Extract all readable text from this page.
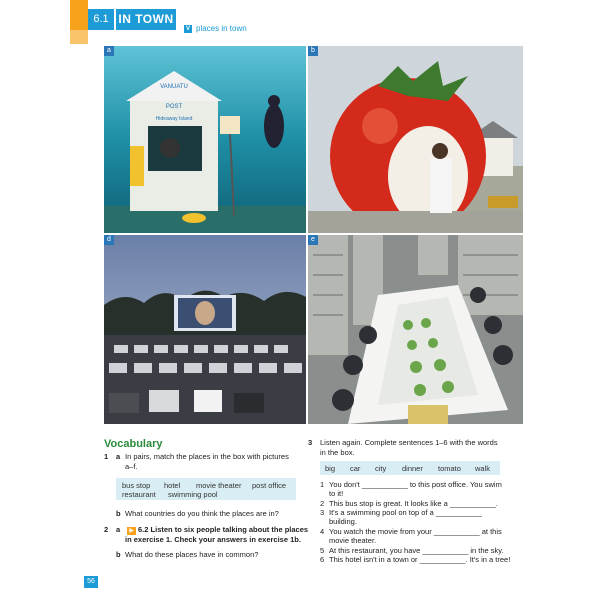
6.1 IN TOWN
V places in town
VANUATU
POST
Hideaway Island
a	b
d	e
Vocabulary
1 a In pairs, match the places in the box with pictures
a–f.
bus stop hotel movie theater post office
restaurant swimming pool
b What countries do you think the places are in?
2 a ▶ 6.2 Listen to six people talking about the places
in exercise 1. Check your answers in exercise 1b.
b What do these places have in common?
3 Listen again. Complete sentences 1–6 with the words
in the box.
big car city dinner tomato walk
1 You don't ___________ to this post office. You swim
to it!
2 This bus stop is great. It looks like a ___________.
3 It's a swimming pool on top of a ___________
building.
4 You watch the movie from your ___________ at this
movie theater.
5 At this restaurant, you have ___________ in the sky.
6 This hotel isn't in a town or ___________. It's in a tree!
56
